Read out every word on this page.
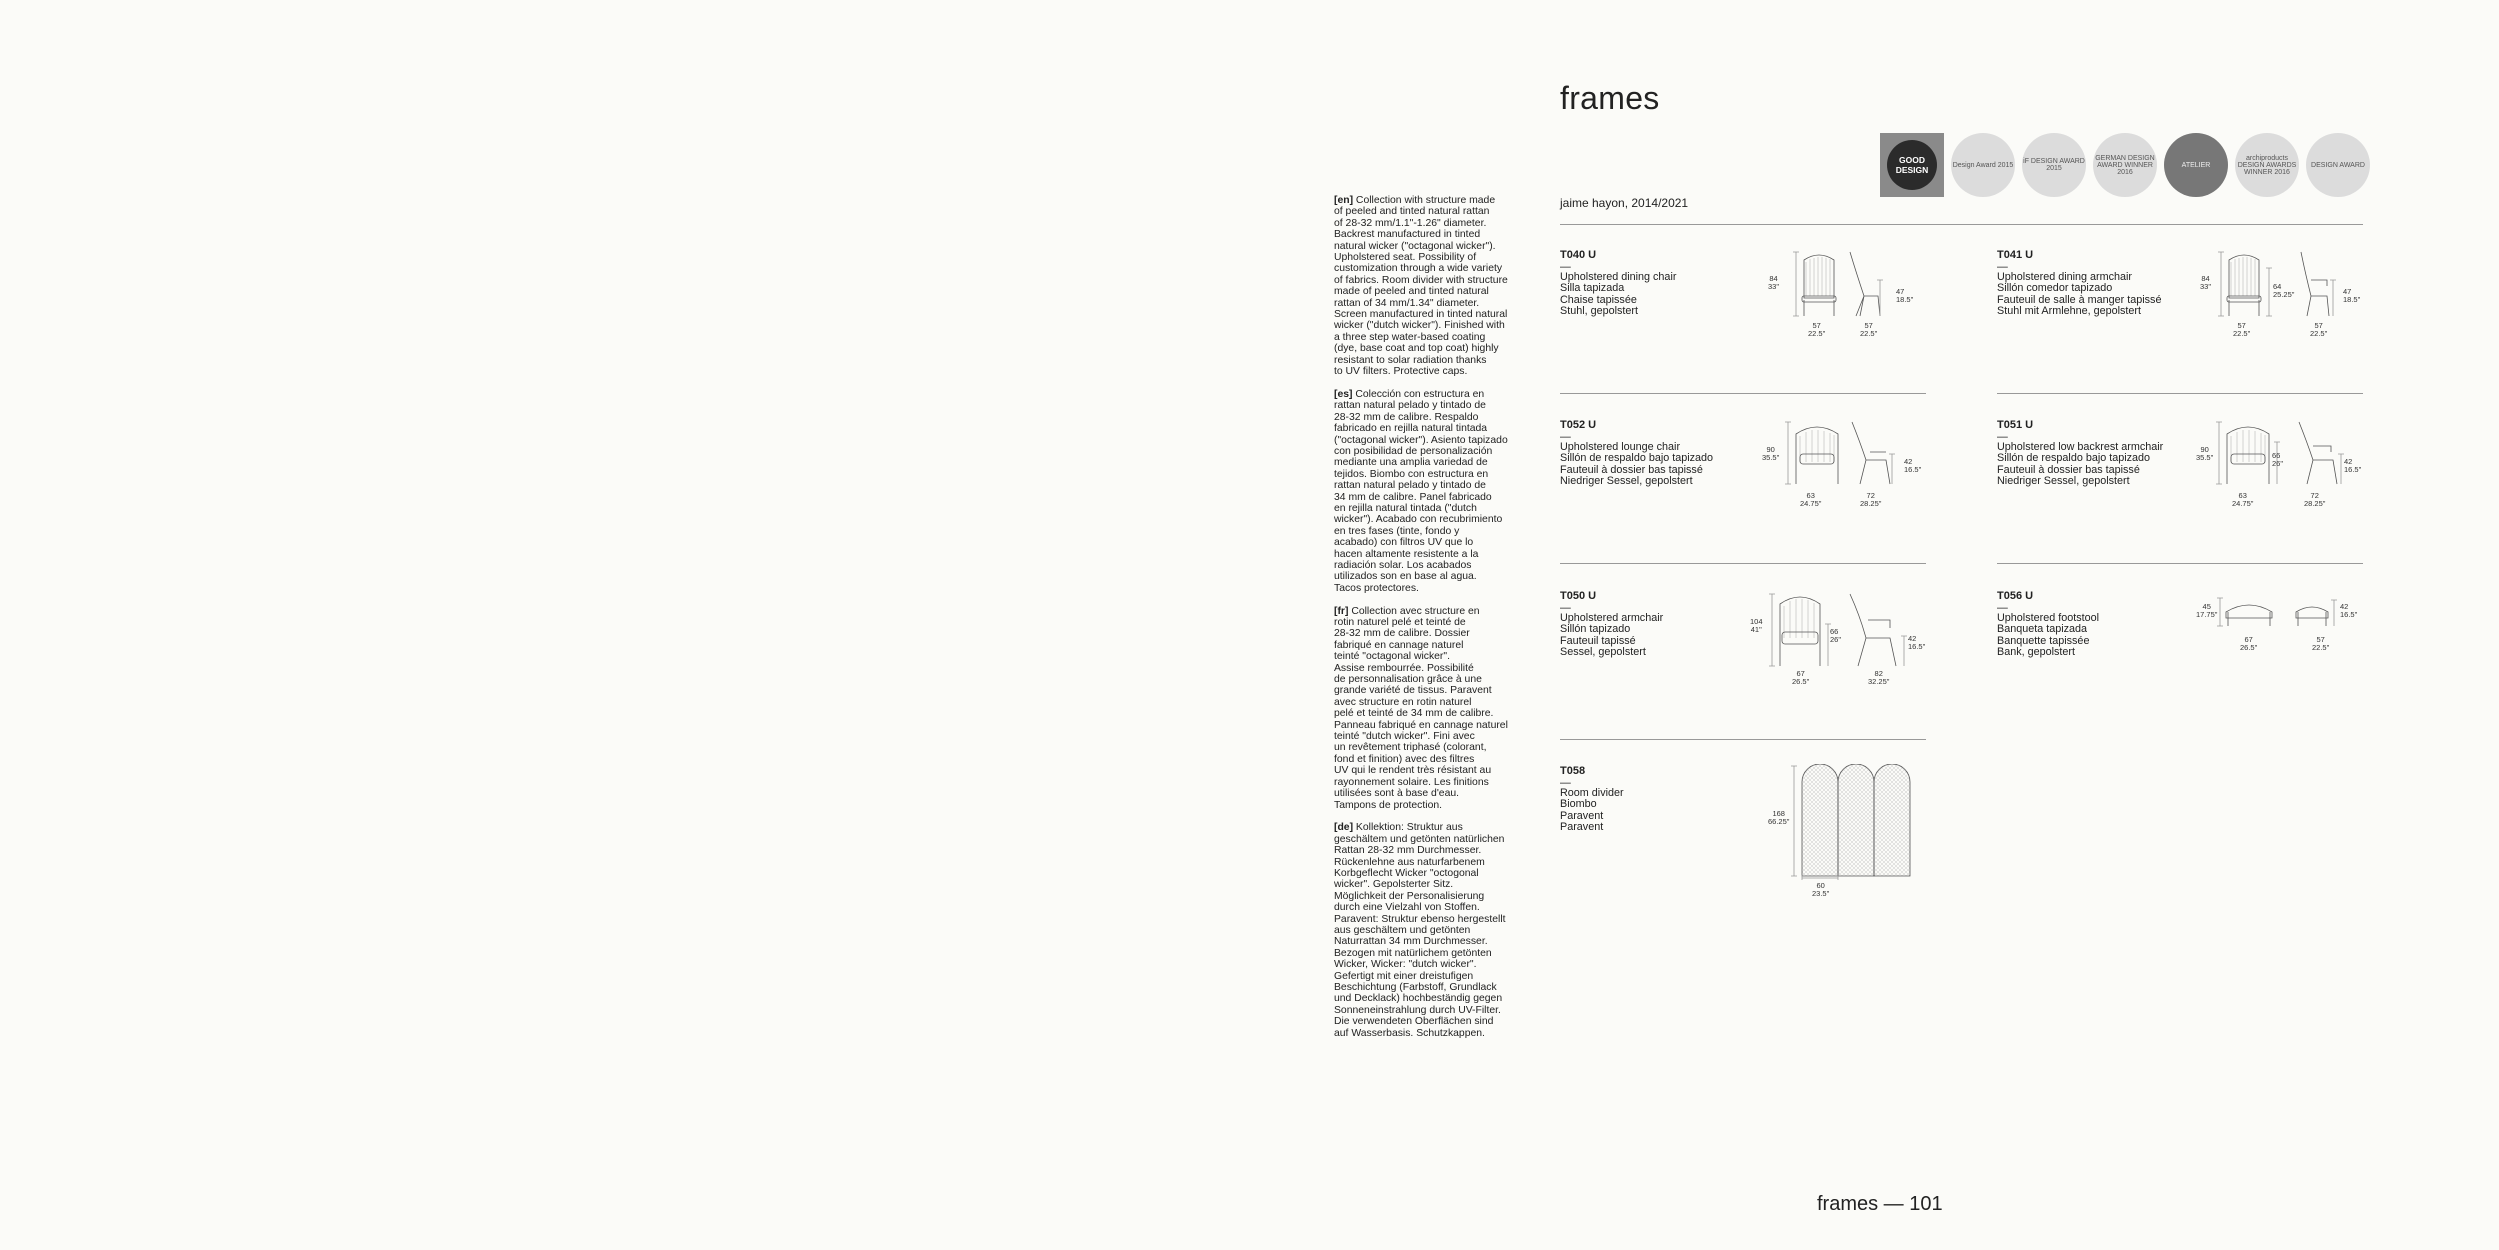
[en] Collection with structure made
of peeled and tinted natural rattan
of 28-32 mm/1.1"-1.26" diameter.
Backrest manufactured in tinted
natural wicker ("octagonal wicker").
Upholstered seat. Possibility of
customization through a wide variety
of fabrics. Room divider with structure
made of peeled and tinted natural
rattan of 34 mm/1.34" diameter.
Screen manufactured in tinted natural
wicker ("dutch wicker"). Finished with
a three step water-based coating
(dye, base coat and top coat) highly
resistant to solar radiation thanks
to UV filters. Protective caps.

[es] Colección con estructura en
rattan natural pelado y tintado de
28-32 mm de calibre. Respaldo
fabricado en rejilla natural tintada
("octagonal wicker"). Asiento tapizado
con posibilidad de personalización
mediante una amplia variedad de
tejidos. Biombo con estructura en
rattan natural pelado y tintado de
34 mm de calibre. Panel fabricado
en rejilla natural tintada ("dutch
wicker"). Acabado con recubrimiento
en tres fases (tinte, fondo y
acabado) con filtros UV que lo
hacen altamente resistente a la
radiación solar. Los acabados
utilizados son en base al agua.
Tacos protectores.

[fr] Collection avec structure en
rotin naturel pelé et teinté de
28-32 mm de calibre. Dossier
fabriqué en cannage naturel
teinté "octagonal wicker".
Assise rembourrée. Possibilité
de personnalisation grâce à une
grande variété de tissus. Paravent
avec structure en rotin naturel
pelé et teinté de 34 mm de calibre.
Panneau fabriqué en cannage naturel
teinté "dutch wicker". Fini avec
un revêtement triphasé (colorant,
fond et finition) avec des filtres
UV qui le rendent très résistant au
rayonnement solaire. Les finitions
utilisées sont à base d'eau.
Tampons de protection.

[de] Kollektion: Struktur aus
geschältem und getönten natürlichen
Rattan 28-32 mm Durchmesser.
Rückenlehne aus naturfarbenem
Korbgeflecht Wicker "octogonal
wicker". Gepolsterter Sitz.
Möglichkeit der Personalisierung
durch eine Vielzahl von Stoffen.
Paravent: Struktur ebenso hergestellt
aus geschältem und getönten
Naturrattan 34 mm Durchmesser.
Bezogen mit natürlichem getönten
Wicker, Wicker: "dutch wicker".
Gefertigt mit einer dreistufigen
Beschichtung (Farbstoff, Grundlack
und Decklack) hochbeständig gegen
Sonneneinstrahlung durch UV-Filter.
Die verwendeten Oberflächen sind
auf Wasserbasis. Schutzkappen.

frames
GOOD DESIGN	Design Award 2015 iF DESIGN AWARD 2015
GERMAN DESIGN AWARD WINNER 2016
ATELIER
archiproducts DESIGN AWARDS WINNER 2016
DESIGN AWARD
jaime hayon, 2014/2021
T040 U
—
Upholstered dining chair
Silla tapizada
Chaise tapissée
Stuhl, gepolstert
84
33"
47
18.5"
57
22.5"
57
22.5"
T041 U
—
Upholstered dining armchair
Sillón comedor tapizado
Fauteuil de salle à manger tapissé
Stuhl mit Armlehne, gepolstert
84
33"	64
25.25"	47
18.5"
57
22.5"
57
22.5"
T052 U
—
Upholstered lounge chair
Sillón de respaldo bajo tapizado
Fauteuil à dossier bas tapissé
Niedriger Sessel, gepolstert
90
35.5"	42
16.5"
63
24.75"
72
28.25"
T051 U
—
Upholstered low backrest armchair
Sillón de respaldo bajo tapizado
Fauteuil à dossier bas tapissé
Niedriger Sessel, gepolstert
90
35.5"	66
26"	42
16.5"
63
24.75"
72
28.25"
T050 U
—
Upholstered armchair
Sillón tapizado
Fauteuil tapissé
Sessel, gepolstert
104
41"	66
26"	42
16.5"
67
26.5"
82
32.25"
T056 U
—
Upholstered footstool
Banqueta tapizada
Banquette tapissée
Bank, gepolstert
45
17.75"
42
16.5"
67
26.5"
57
22.5"
T058
—
Room divider
Biombo
Paravent
Paravent
168
66.25"
60
23.5"
frames — 101
